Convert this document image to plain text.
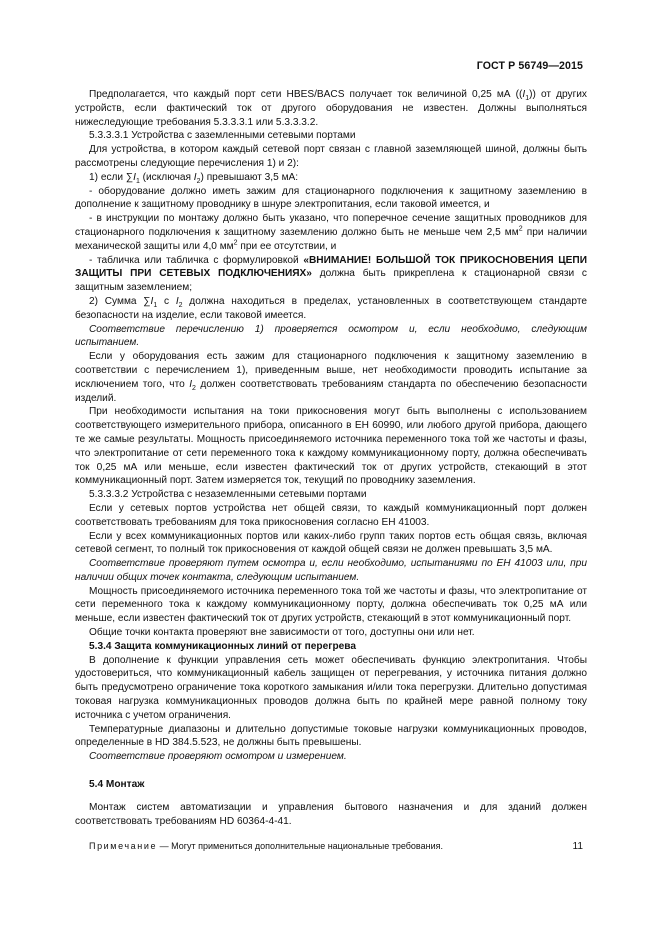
ГОСТ Р 56749—2015

Предполагается, что каждый порт сети HBES/BACS получает ток величиной 0,25 мА $((I_1))$ от других устройств, если фактический ток от другого оборудования не известен. Должны выполняться нижеследующие требования 5.3.3.3.1 или 5.3.3.3.2.

5.3.3.3.1 Устройства с заземленными сетевыми портами

Для устройства, в котором каждый сетевой порт связан с главной заземляющей шиной, должны быть рассмотрены следующие перечисления 1) и 2):

1) если $\sum I_1$ (исключая $I_2$) превышают 3,5 мА:

- оборудование должно иметь зажим для стационарного подключения к защитному заземлению в дополнение к защитному проводнику в шнуре электропитания, если таковой имеется, и

- в инструкции по монтажу должно быть указано, что поперечное сечение защитных проводников для стационарного подключения к защитному заземлению должно быть не меньше чем 2,5 $мм^2$ при наличии механической защиты или 4,0 $мм^2$ при ее отсутствии, и

- табличка или табличка с формулировкой «ВНИМАНИЕ! БОЛЬШОЙ ТОК ПРИКОСНОВЕНИЯ ЦЕПИ ЗАЩИТЫ ПРИ СЕТЕВЫХ ПОДКЛЮЧЕНИЯХ» должна быть прикреплена к стационарной связи с защитным заземлением;

2) Сумма $\sum I_1$ с $I_2$ должна находиться в пределах, установленных в соответствующем стандарте безопасности на изделие, если таковой имеется.

Соответствие перечислению 1) проверяется осмотром и, если необходимо, следующим испытанием.

Если у оборудования есть зажим для стационарного подключения к защитному заземлению в соответствии с перечислением 1), приведенным выше, нет необходимости проводить испытание за исключением того, что $I_2$ должен соответствовать требованиям стандарта по обеспечению безопасности изделий.

При необходимости испытания на токи прикосновения могут быть выполнены с использованием соответствующего измерительного прибора, описанного в ЕН 60990, или любого другой прибора, дающего те же самые результаты. Мощность присоединяемого источника переменного тока той же частоты и фазы, что электропитание от сети переменного тока к каждому коммуникационному порту, должна обеспечивать ток 0,25 мА или меньше, если известен фактический ток от других устройств, стекающий в этот коммуникационный порт. Затем измеряется ток, текущий по проводнику заземления.

5.3.3.3.2 Устройства с незаземленными сетевыми портами

Если у сетевых портов устройства нет общей связи, то каждый коммуникационный порт должен соответствовать требованиям для тока прикосновения согласно ЕН 41003.

Если у всех коммуникационных портов или каких-либо групп таких портов есть общая связь, включая сетевой сегмент, то полный ток прикосновения от каждой общей связи не должен превышать 3,5 мА.

Соответствие проверяют путем осмотра и, если необходимо, испытаниями по ЕН 41003 или, при наличии общих точек контакта, следующим испытанием.

Мощность присоединяемого источника переменного тока той же частоты и фазы, что электропитание от сети переменного тока к каждому коммуникационному порту, должна обеспечивать ток 0,25 мА или меньше, если известен фактический ток от других устройств, стекающий в этот коммуникационный порт.

Общие точки контакта проверяют вне зависимости от того, доступны они или нет.

5.3.4 Защита коммуникационных линий от перегрева

В дополнение к функции управления сеть может обеспечивать функцию электропитания. Чтобы удостовериться, что коммуникационный кабель защищен от перегревания, у источника питания должно быть предусмотрено ограничение тока короткого замыкания и/или тока перегрузки. Длительно допустимая токовая нагрузка коммуникационных проводов должна быть по крайней мере равной полному току источника с учетом ограничения.

Температурные диапазоны и длительно допустимые токовые нагрузки коммуникационных проводов, определенные в HD 384.5.523, не должны быть превышены.

Соответствие проверяют осмотром и измерением.

5.4 Монтаж

Монтаж систем автоматизации и управления бытового назначения и для зданий должен соответствовать требованиям HD 60364-4-41.

Примечание — Могут примениться дополнительные национальные требования.	11
